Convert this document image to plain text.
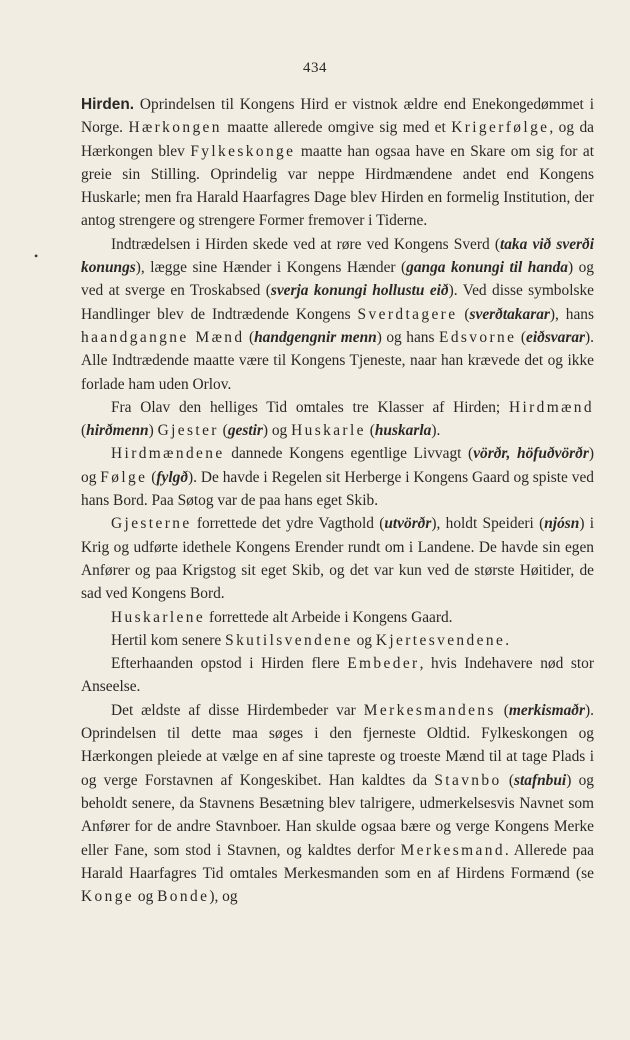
434
•

Hirden. Oprindelsen til Kongens Hird er vistnok ældre end Enekongedømmet i Norge. Hærkongen maatte allerede omgive sig med et Krigerfølge, og da Hærkongen blev Fylkeskonge maatte han ogsaa have en Skare om sig for at greie sin Stilling. Oprindelig var neppe Hirdmændene andet end Kongens Huskarle; men fra Harald Haarfagres Dage blev Hirden en formelig Institution, der antog strengere og strengere Former fremover i Tiderne.

Indtrædelsen i Hirden skede ved at røre ved Kongens Sverd (taka við sverði konungs), lægge sine Hænder i Kongens Hænder (ganga konungi til handa) og ved at sverge en Troskabsed (sverja konungi hollustu eið). Ved disse symbolske Handlinger blev de Indtrædende Kongens Sverdtagere (sverðtakarar), hans haandgangne Mænd (handgengnir menn) og hans Edsvorne (eiðsvarar). Alle Indtrædende maatte være til Kongens Tjeneste, naar han krævede det og ikke forlade ham uden Orlov.

Fra Olav den helliges Tid omtales tre Klasser af Hirden; Hirdmænd (hirðmenn) Gjester (gestir) og Huskarle (huskarla).

Hirdmændene dannede Kongens egentlige Livvagt (vörðr, höfuðvörðr) og Følge (fylgð). De havde i Regelen sit Herberge i Kongens Gaard og spiste ved hans Bord. Paa Søtog var de paa hans eget Skib.

Gjesterne forrettede det ydre Vagthold (utvörðr), holdt Speideri (njósn) i Krig og udførte idethele Kongens Erender rundt om i Landene. De havde sin egen Anfører og paa Krigstog sit eget Skib, og det var kun ved de største Høitider, de sad ved Kongens Bord.

Huskarlene forrettede alt Arbeide i Kongens Gaard.

Hertil kom senere Skutilsvendene og Kjertesvendene.

Efterhaanden opstod i Hirden flere Embeder, hvis Indehavere nød stor Anseelse.

Det ældste af disse Hirdembeder var Merkesmandens (merkismaðr). Oprindelsen til dette maa søges i den fjerneste Oldtid. Fylkeskongen og Hærkongen pleiede at vælge en af sine tapreste og troeste Mænd til at tage Plads i og verge Forstavnen af Kongeskibet. Han kaldtes da Stavnbo (stafnbui) og beholdt senere, da Stavnens Besætning blev talrigere, udmerkelsesvis Navnet som Anfører for de andre Stavnboer. Han skulde ogsaa bære og verge Kongens Merke eller Fane, som stod i Stavnen, og kaldtes derfor Merkesmand. Allerede paa Harald Haarfagres Tid omtales Merkesmanden som en af Hirdens Formænd (se Konge og Bonde), og
